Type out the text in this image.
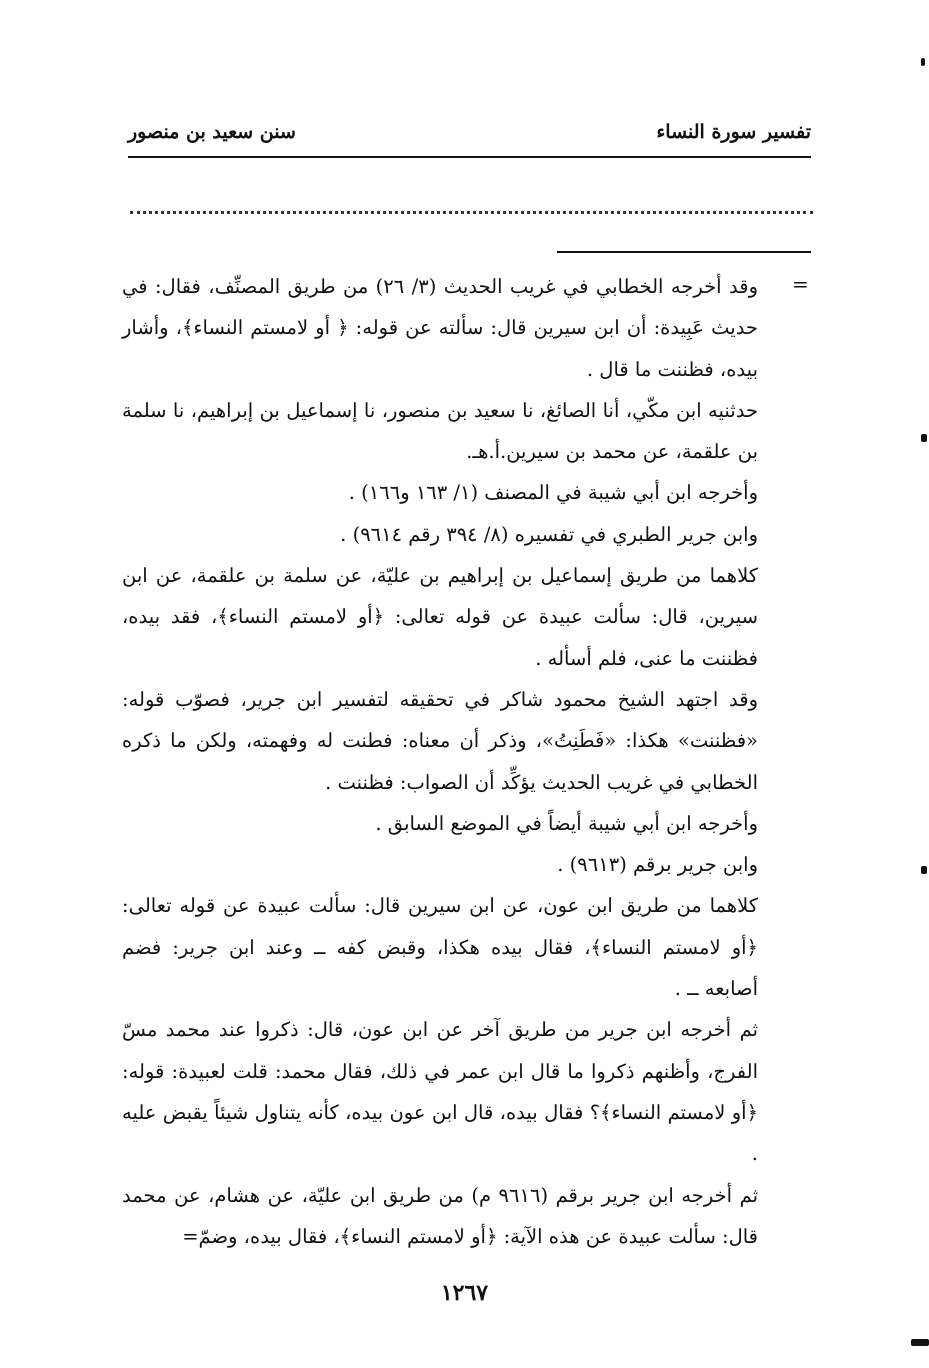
تفسير سورة النساء
سنن سعيد بن منصور
=

وقد أخرجه الخطابي في غريب الحديث (٣/ ٢٦) من طريق المصنِّف، فقال: في حديث عَبِيدة: أن ابن سيرين قال: سألته عن قوله: ﴿ أو لامستم النساء﴾، وأشار بيده، فظننت ما قال .

حدثنيه ابن مكّي، أنا الصائغ، نا سعيد بن منصور، نا إسماعيل بن إبراهيم، نا سلمة بن علقمة، عن محمد بن سيرين.أ.هـ.

وأخرجه ابن أبي شيبة في المصنف (١/ ١٦٣ و١٦٦) .

وابن جرير الطبري في تفسيره (٨/ ٣٩٤ رقم ٩٦١٤) .

كلاهما من طريق إسماعيل بن إبراهيم بن عليّة، عن سلمة بن علقمة، عن ابن سيرين، قال: سألت عبيدة عن قوله تعالى: ﴿أو لامستم النساء﴾، فقد بيده، فظننت ما عنى، فلم أسأله .

وقد اجتهد الشيخ محمود شاكر في تحقيقه لتفسير ابن جرير، فصوّب قوله: «فظننت» هكذا: «فَطَنِتُ»، وذكر أن معناه: فطنت له وفهمته، ولكن ما ذكره الخطابي في غريب الحديث يؤكِّد أن الصواب: فظننت .

وأخرجه ابن أبي شيبة أيضاً في الموضع السابق .

وابن جرير برقم (٩٦١٣) .

كلاهما من طريق ابن عون، عن ابن سيرين قال: سألت عبيدة عن قوله تعالى: ﴿أو لامستم النساء﴾، فقال بيده هكذا، وقبض كفه ــ وعند ابن جرير: فضم أصابعه ــ .

ثم أخرجه ابن جرير من طريق آخر عن ابن عون، قال: ذكروا عند محمد مسّ الفرج، وأظنهم ذكروا ما قال ابن عمر في ذلك، فقال محمد: قلت لعبيدة: قوله: ﴿أو لامستم النساء﴾؟ فقال بيده، قال ابن عون بيده، كأنه يتناول شيئاً يقبض عليه .

ثم أخرجه ابن جرير برقم (٩٦١٦ م) من طريق ابن عليّة، عن هشام، عن محمد قال: سألت عبيدة عن هذه الآية: ﴿أو لامستم النساء﴾، فقال بيده، وضمّ=

١٢٦٧
